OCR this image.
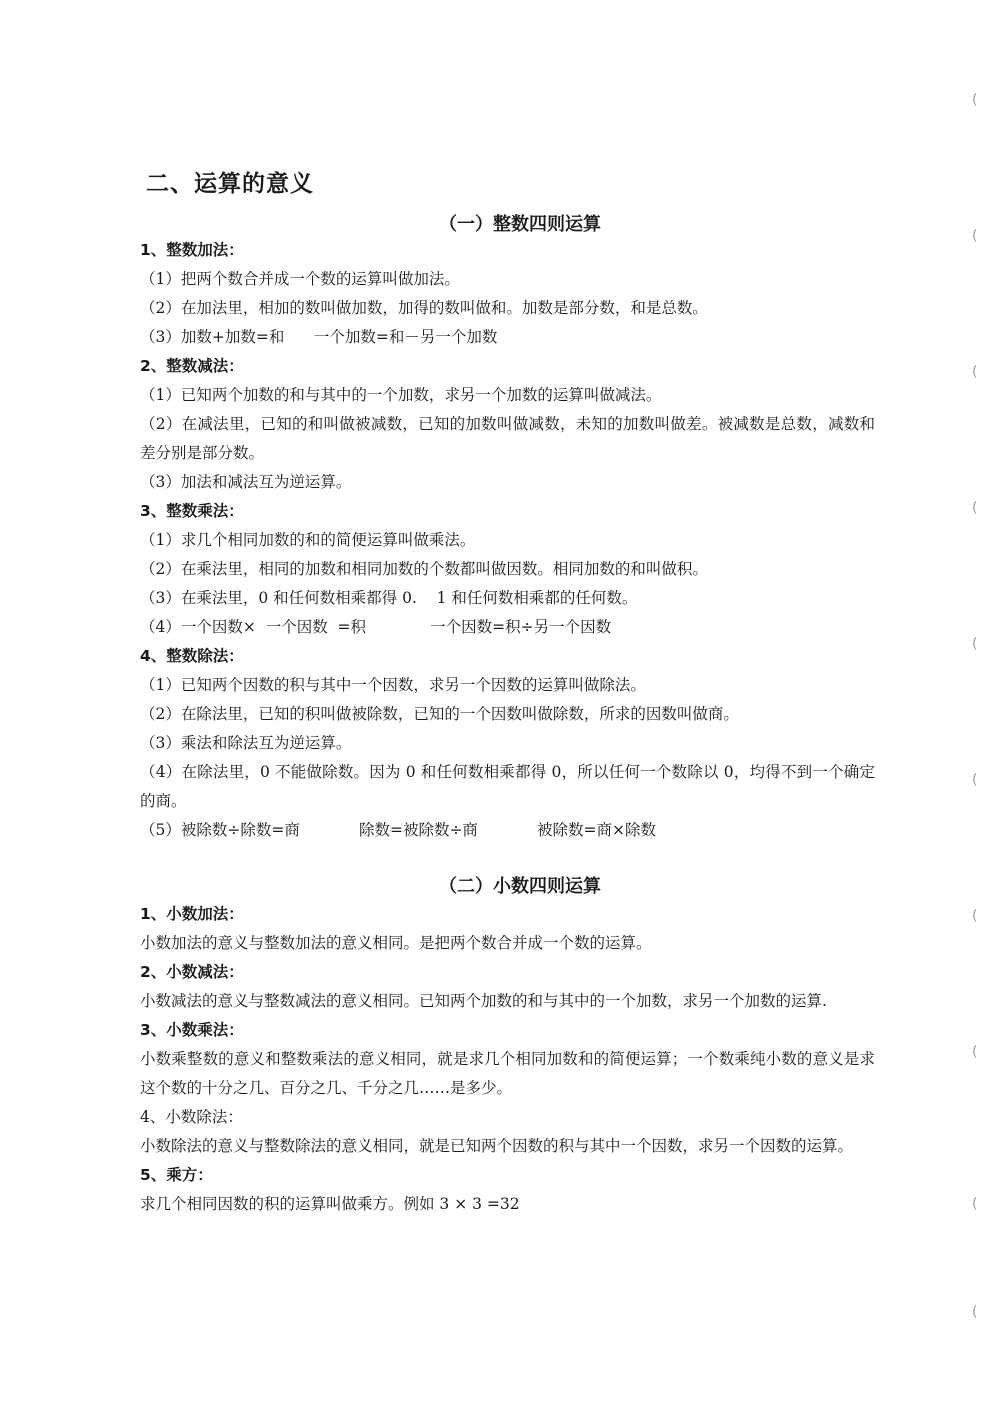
二、运算的意义
（一）整数四则运算
1、整数加法：
（1）把两个数合并成一个数的运算叫做加法。
（2）在加法里，相加的数叫做加数，加得的数叫做和。加数是部分数，和是总数。
（3）加数+加数=和      一个加数=和－另一个加数
2、整数减法：
（1）已知两个加数的和与其中的一个加数，求另一个加数的运算叫做减法。
（2）在减法里，已知的和叫做被减数，已知的加数叫做减数，未知的加数叫做差。被减数是总数，减数和差分别是部分数。
（3）加法和减法互为逆运算。
3、整数乘法：
（1）求几个相同加数的和的简便运算叫做乘法。
（2）在乘法里，相同的加数和相同加数的个数都叫做因数。相同加数的和叫做积。
（3）在乘法里，0 和任何数相乘都得 0.    1 和任何数相乘都的任何数。
（4）一个因数×  一个因数  =积             一个因数=积÷另一个因数
4、整数除法：
（1）已知两个因数的积与其中一个因数，求另一个因数的运算叫做除法。
（2）在除法里，已知的积叫做被除数，已知的一个因数叫做除数，所求的因数叫做商。
（3）乘法和除法互为逆运算。
（4）在除法里，0 不能做除数。因为 0 和任何数相乘都得 0，所以任何一个数除以 0，均得不到一个确定的商。
（5）被除数÷除数=商            除数=被除数÷商            被除数=商×除数
（二）小数四则运算
1、小数加法：
小数加法的意义与整数加法的意义相同。是把两个数合并成一个数的运算。
2、小数减法：
小数减法的意义与整数减法的意义相同。已知两个加数的和与其中的一个加数，求另一个加数的运算.
3、小数乘法：
小数乘整数的意义和整数乘法的意义相同，就是求几个相同加数和的简便运算；一个数乘纯小数的意义是求这个数的十分之几、百分之几、千分之几……是多少。
4、小数除法：
小数除法的意义与整数除法的意义相同，就是已知两个因数的积与其中一个因数，求另一个因数的运算。
5、乘方：
求几个相同因数的积的运算叫做乘方。例如 3 × 3 =32
(
(
(
(
(
(
(
(
(
(
